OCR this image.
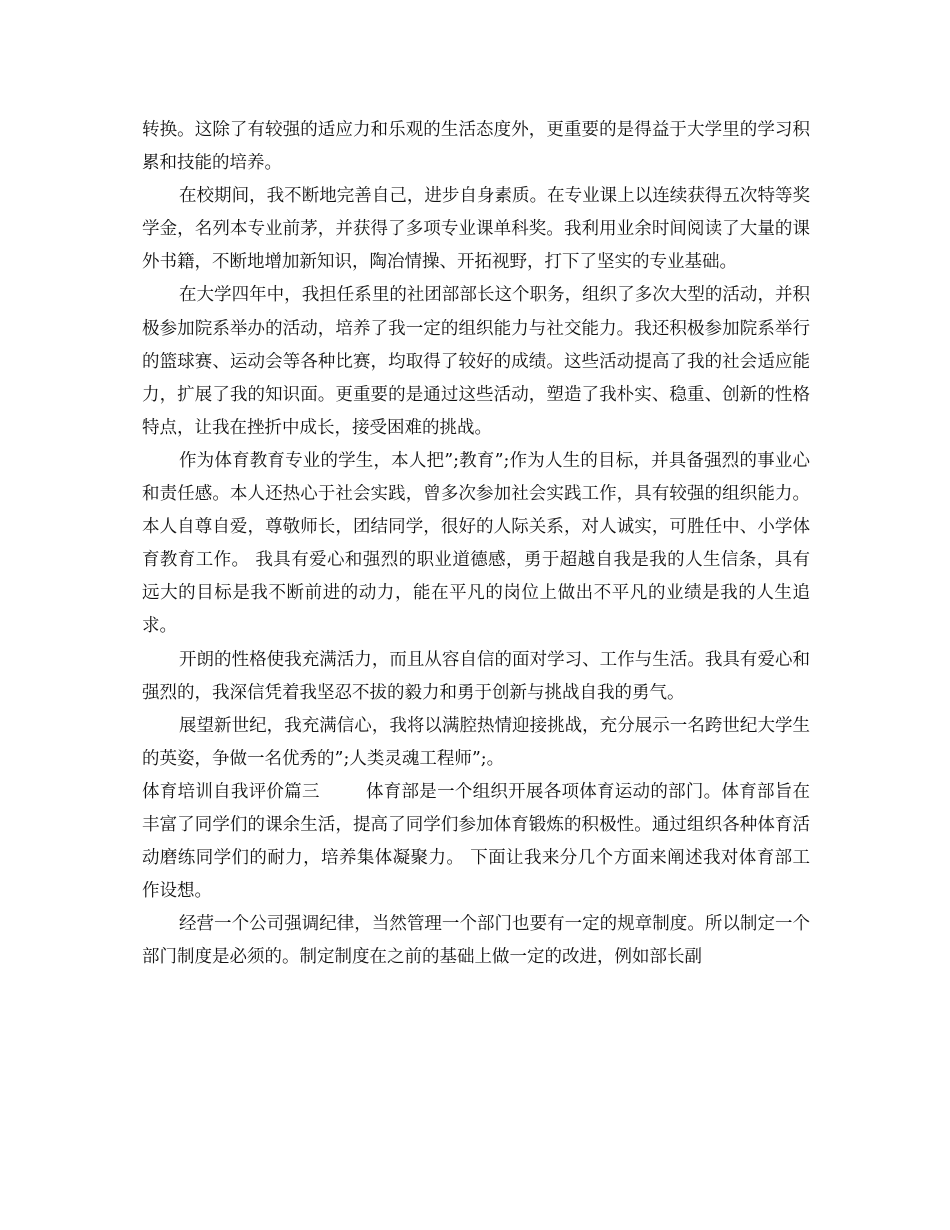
转换。这除了有较强的适应力和乐观的生活态度外，更重要的是得益于大学里的学习积累和技能的培养。

在校期间，我不断地完善自己，进步自身素质。在专业课上以连续获得五次特等奖学金，名列本专业前茅，并获得了多项专业课单科奖。我利用业余时间阅读了大量的课外书籍，不断地增加新知识，陶冶情操、开拓视野，打下了坚实的专业基础。

在大学四年中，我担任系里的社团部部长这个职务，组织了多次大型的活动，并积极参加院系举办的活动，培养了我一定的组织能力与社交能力。我还积极参加院系举行的篮球赛、运动会等各种比赛，均取得了较好的成绩。这些活动提高了我的社会适应能力，扩展了我的知识面。更重要的是通过这些活动，塑造了我朴实、稳重、创新的性格特点，让我在挫折中成长，接受困难的挑战。

作为体育教育专业的学生，本人把”;教育”;作为人生的目标，并具备强烈的事业心和责任感。本人还热心于社会实践，曾多次参加社会实践工作，具有较强的组织能力。本人自尊自爱，尊敬师长，团结同学，很好的人际关系，对人诚实，可胜任中、小学体育教育工作。 我具有爱心和强烈的职业道德感，勇于超越自我是我的人生信条，具有远大的目标是我不断前进的动力，能在平凡的岗位上做出不平凡的业绩是我的人生追求。

开朗的性格使我充满活力，而且从容自信的面对学习、工作与生活。我具有爱心和强烈的，我深信凭着我坚忍不拔的毅力和勇于创新与挑战自我的勇气。

展望新世纪，我充满信心，我将以满腔热情迎接挑战，充分展示一名跨世纪大学生的英姿，争做一名优秀的”;人类灵魂工程师”;。

体育培训自我评价篇三	体育部是一个组织开展各项体育运动的部门。体育部旨在丰富了同学们的课余生活，提高了同学们参加体育锻炼的积极性。通过组织各种体育活动磨练同学们的耐力，培养集体凝聚力。 下面让我来分几个方面来阐述我对体育部工作设想。

经营一个公司强调纪律，当然管理一个部门也要有一定的规章制度。所以制定一个部门制度是必须的。制定制度在之前的基础上做一定的改进，例如部长副
